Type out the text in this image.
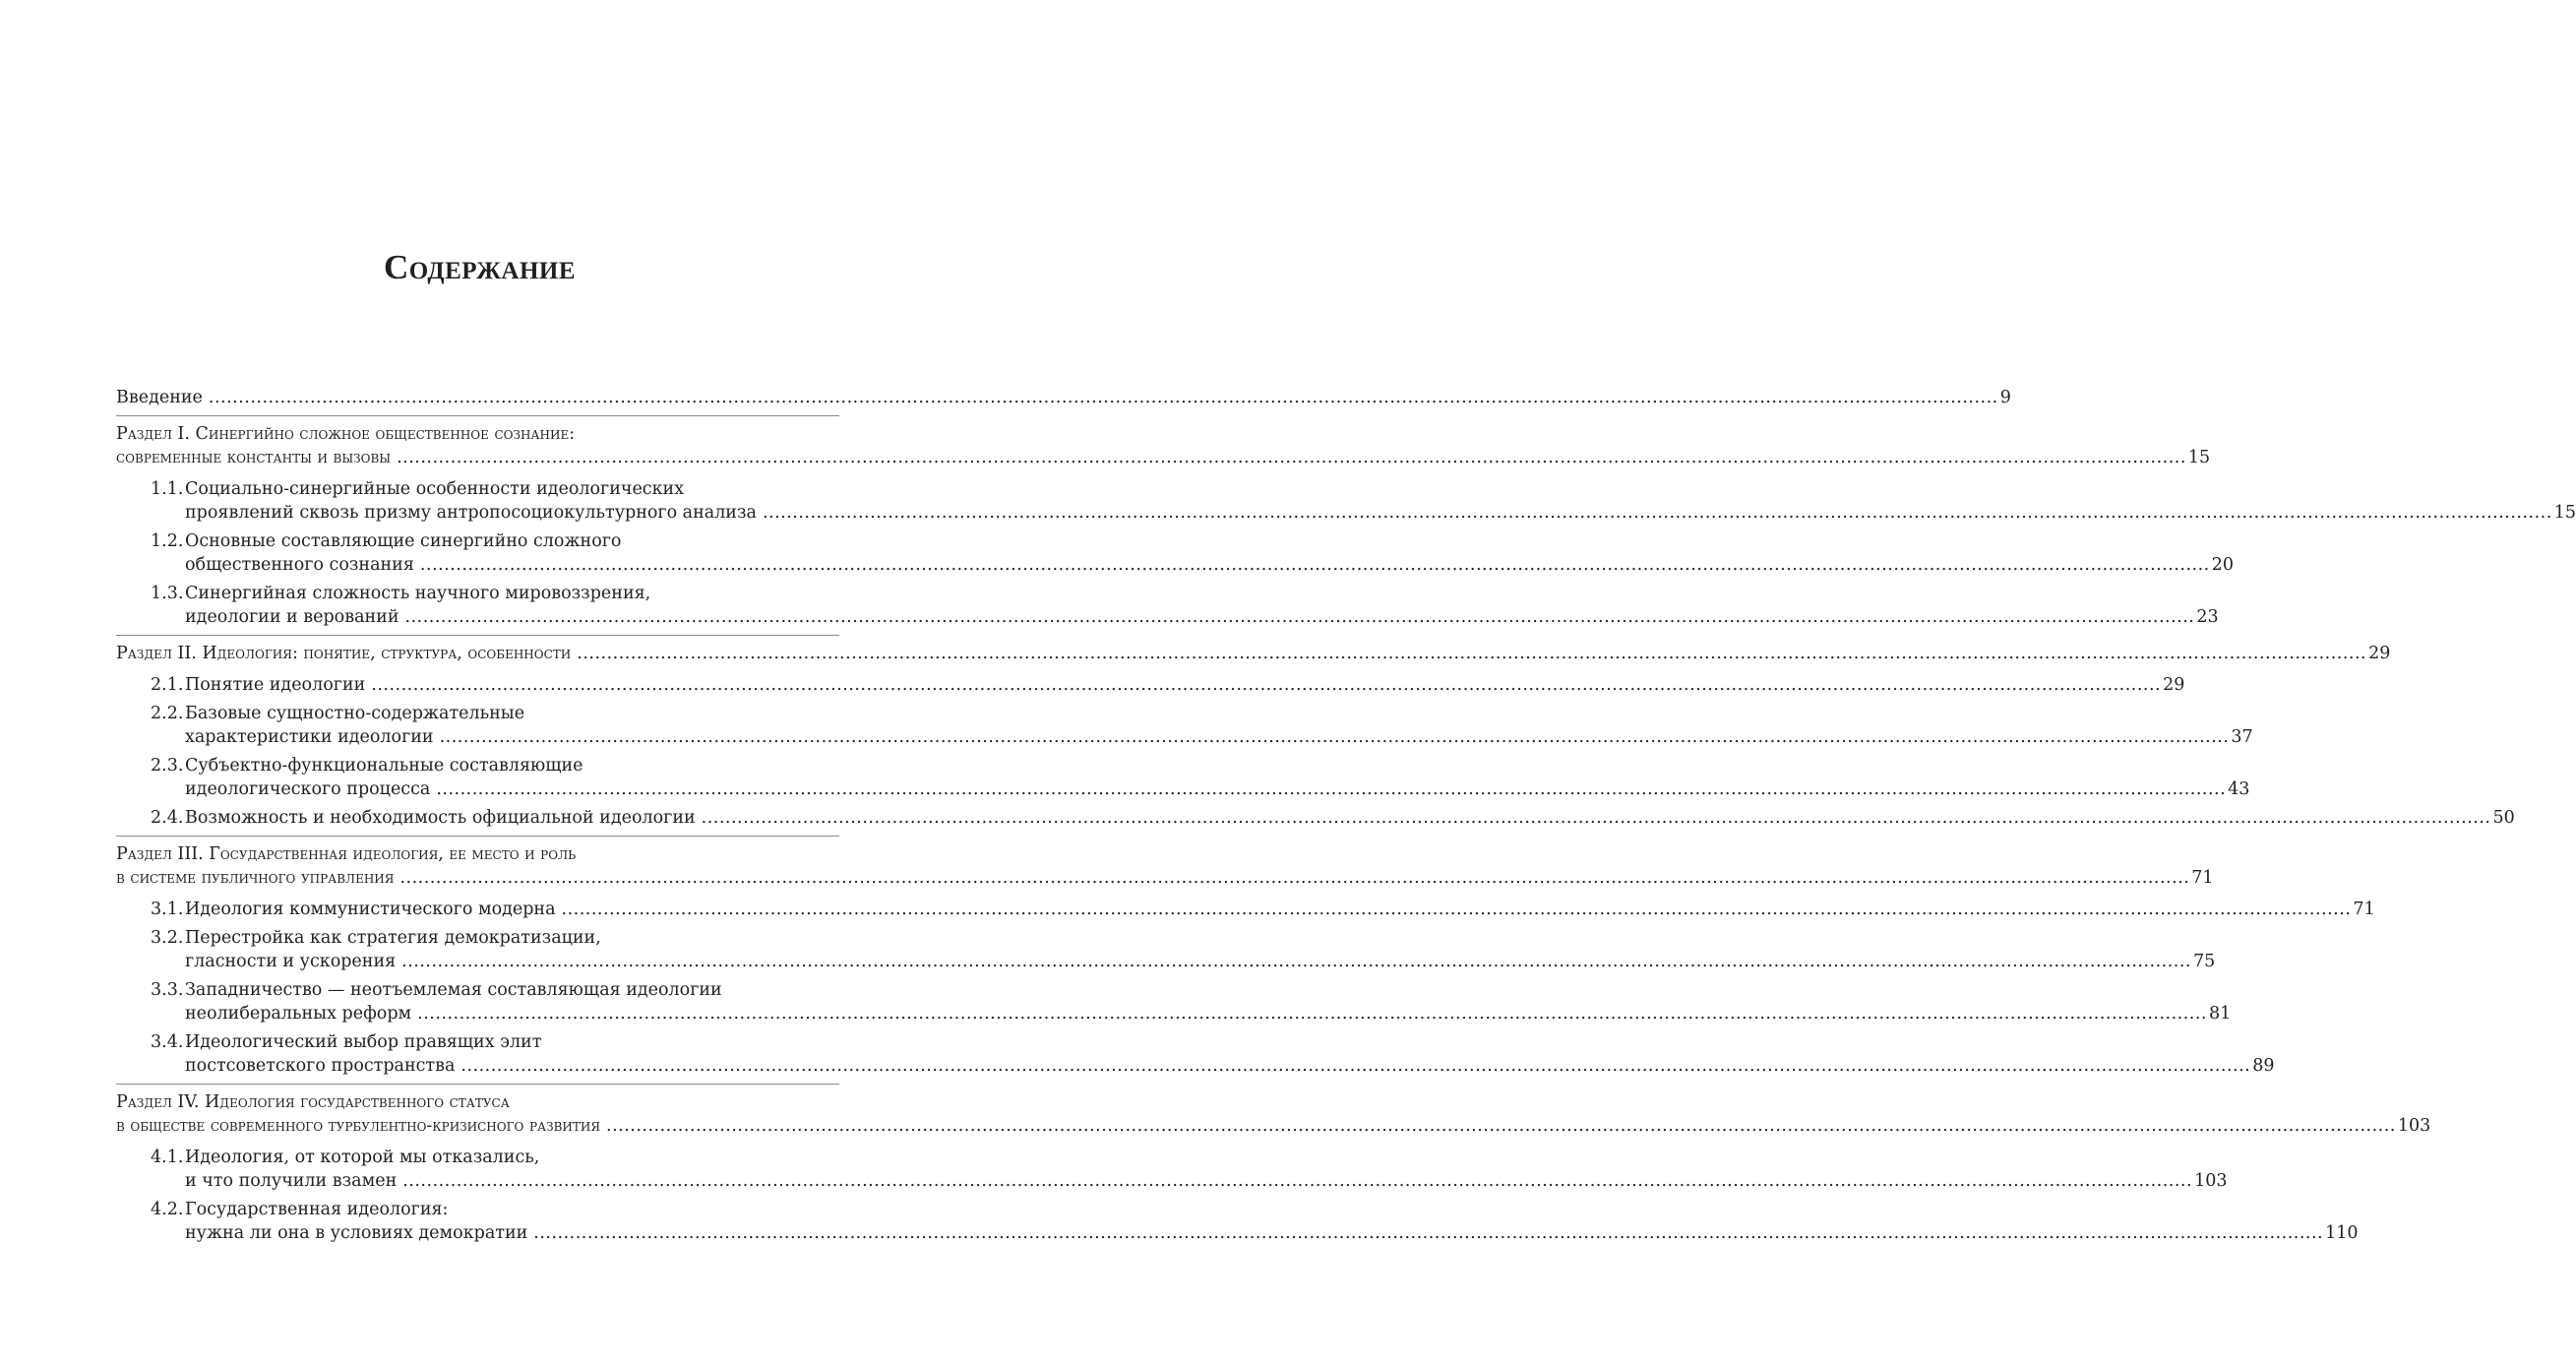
Содержание
Введение ............................................................................................................................................................................................................................................................................................................ 9
Раздел I. Синергийно сложное общественное сознание:
современные константы и вызовы ............................................................................................................................................................................................................................................................................................................ 15
1.1. Социально-синергийные особенности идеологических
проявлений сквозь призму антропосоциокультурного анализа ............................................................................................................................................................................................................................................................................................................ 15
1.2. Основные составляющие синергийно сложного
общественного сознания ............................................................................................................................................................................................................................................................................................................ 20
1.3. Синергийная сложность научного мировоззрения,
идеологии и верований ............................................................................................................................................................................................................................................................................................................ 23
Раздел II. Идеология: понятие, структура, особенности ............................................................................................................................................................................................................................................................................................................ 29
2.1. Понятие идеологии ............................................................................................................................................................................................................................................................................................................ 29
2.2. Базовые сущностно-содержательные
характеристики идеологии ............................................................................................................................................................................................................................................................................................................ 37
2.3. Субъектно-функциональные составляющие
идеологического процесса ............................................................................................................................................................................................................................................................................................................ 43
2.4. Возможность и необходимость официальной идеологии ............................................................................................................................................................................................................................................................................................................ 50
Раздел III. Государственная идеология, ее место и роль
в системе публичного управления ............................................................................................................................................................................................................................................................................................................ 71
3.1. Идеология коммунистического модерна ............................................................................................................................................................................................................................................................................................................ 71
3.2. Перестройка как стратегия демократизации,
гласности и ускорения ............................................................................................................................................................................................................................................................................................................ 75
3.3. Западничество — неотъемлемая составляющая идеологии
неолиберальных реформ ............................................................................................................................................................................................................................................................................................................ 81
3.4. Идеологический выбор правящих элит
постсоветского пространства ............................................................................................................................................................................................................................................................................................................ 89
Раздел IV. Идеология государственного статуса
в обществе современного турбулентно-кризисного развития ............................................................................................................................................................................................................................................................................................................ 103
4.1. Идеология, от которой мы отказались,
и что получили взамен ............................................................................................................................................................................................................................................................................................................ 103
4.2. Государственная идеология:
нужна ли она в условиях демократии ............................................................................................................................................................................................................................................................................................................ 110
